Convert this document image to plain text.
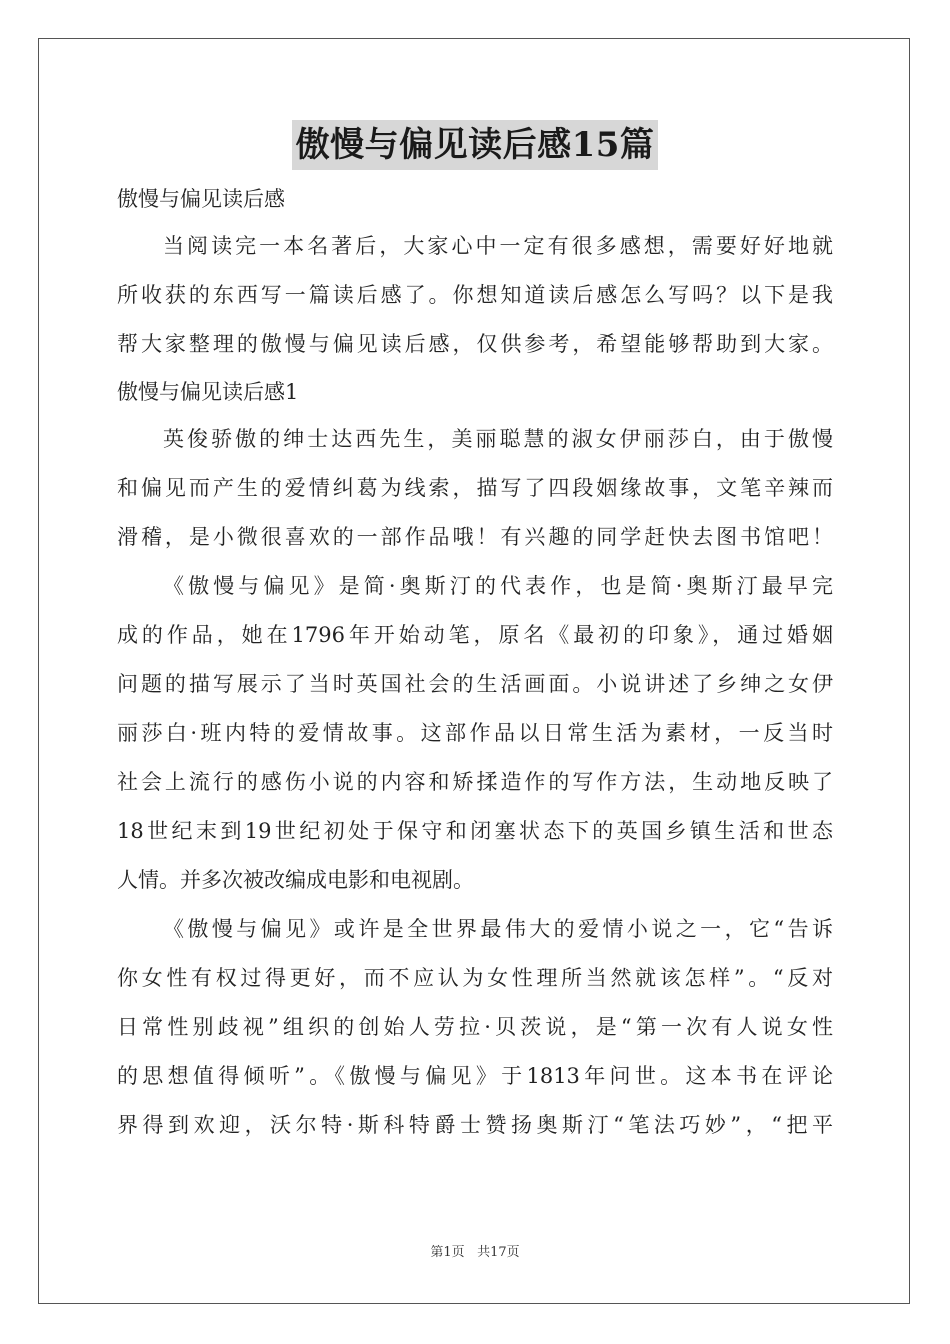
傲慢与偏见读后感15篇
傲慢与偏见读后感
当阅读完一本名著后，大家心中一定有很多感想，需要好好地就
所收获的东西写一篇读后感了。你想知道读后感怎么写吗？以下是我
帮大家整理的傲慢与偏见读后感，仅供参考，希望能够帮助到大家。
傲慢与偏见读后感1
英俊骄傲的绅士达西先生，美丽聪慧的淑女伊丽莎白，由于傲慢
和偏见而产生的爱情纠葛为线索，描写了四段姻缘故事，文笔辛辣而
滑稽，是小微很喜欢的一部作品哦！有兴趣的同学赶快去图书馆吧！
《傲慢与偏见》是简·奥斯汀的代表作，也是简·奥斯汀最早完
成的作品，她在1796年开始动笔，原名《最初的印象》，通过婚姻
问题的描写展示了当时英国社会的生活画面。小说讲述了乡绅之女伊
丽莎白·班内特的爱情故事。这部作品以日常生活为素材，一反当时
社会上流行的感伤小说的内容和矫揉造作的写作方法，生动地反映了
18世纪末到19世纪初处于保守和闭塞状态下的英国乡镇生活和世态
人情。并多次被改编成电影和电视剧。
《傲慢与偏见》或许是全世界最伟大的爱情小说之一，它“告诉
你女性有权过得更好，而不应认为女性理所当然就该怎样”。“反对
日常性别歧视”组织的创始人劳拉·贝茨说，是“第一次有人说女性
的思想值得倾听”。《傲慢与偏见》于1813年问世。这本书在评论
界得到欢迎，沃尔特·斯科特爵士赞扬奥斯汀“笔法巧妙”，“把平
第1页 共17页
